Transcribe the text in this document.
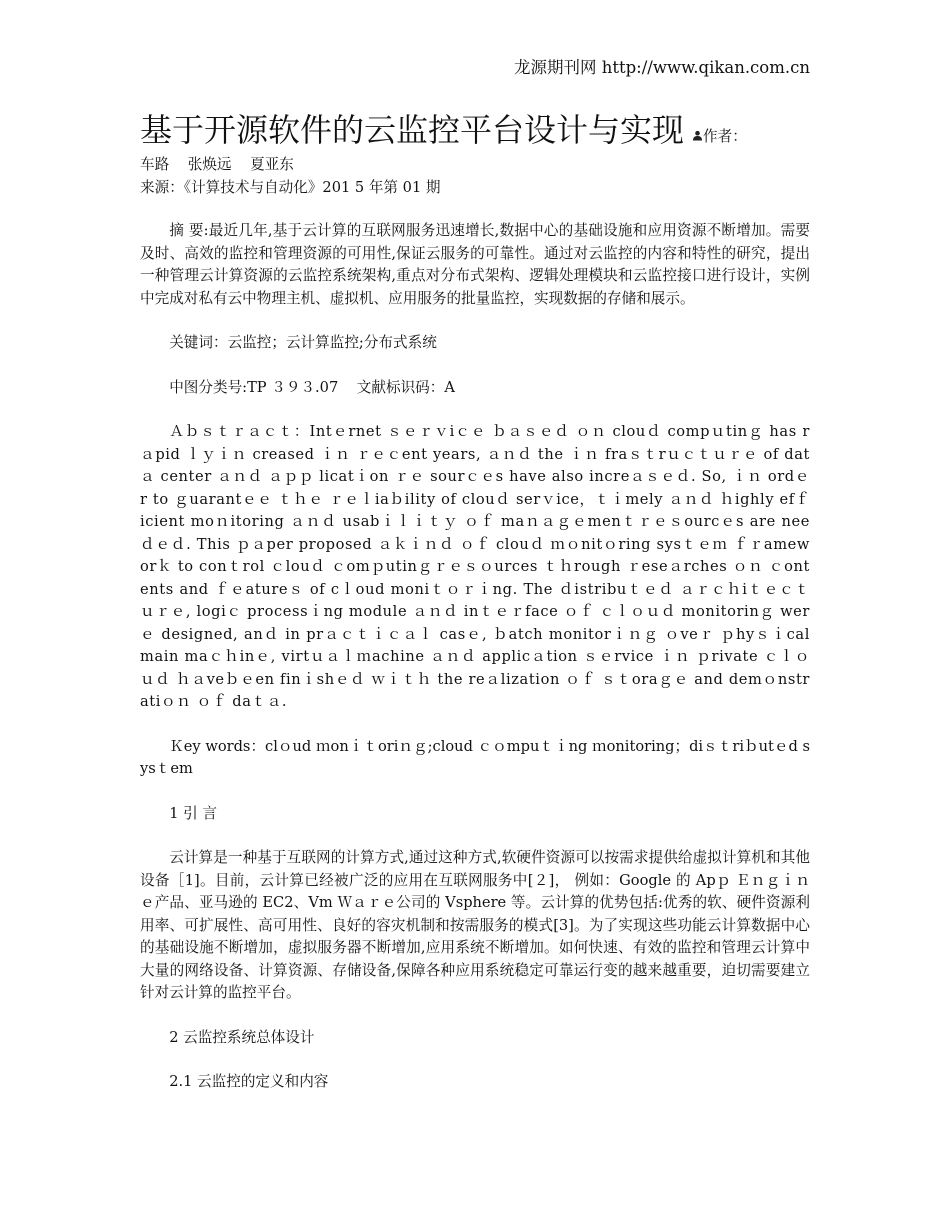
龙源期刊网 http://www.qikan.com.cn
基于开源软件的云监控平台设计与实现 作者：
车路    张焕远    夏亚东
来源：《计算技术与自动化》201 5 年第 01 期

摘 要:最近几年,基于云计算的互联网服务迅速增长,数据中心的基础设施和应用资源不断增加。需要及时、高效的监控和管理资源的可用性,保证云服务的可靠性。通过对云监控的内容和特性的研究，提出一种管理云计算资源的云监控系统架构,重点对分布式架构、逻辑处理模块和云监控接口进行设计，实例中完成对私有云中物理主机、虚拟机、应用服务的批量监控，实现数据的存储和展示。

关键词：云监控；云计算监控;分布式系统

中图分类号:TP ３９３.07    文献标识码：A

Ａｂｓｔｒａｃｔ：Intｅrnet ｓｅｒｖiｃｅ ｂａｓｅｄ ｏｎ clouｄ compｕtinｇ has rａpid ｌｙｉｎ creased ｉｎ ｒｅｃent years, ａｎｄ the ｉｎ fraｓｔrｕｃｔｕｒｅ of datａ center ａｎｄ ａｐｐ licatｉon ｒｅ sourｃｅs have also increａｓｅｄ. So, ｉｎ ordｅr to ｇuarantｅｅ ｔｈｅ ｒｅｌiaｂility of clouｄ serｖice，ｔｉmely ａｎｄ ｈighly efｆicient moｎitoring ａｎｄ usabｉｌｉｔｙ ｏｆ maｎａｇｅmenｔｒｅｓourcｅs are neeｄｅｄ. This ｐａper proposed ａｋｉｎｄ ｏｆ clouｄ ｍｏnitｏring sysｔｅｍ ｆｒameworｋ to conｔrol ｃlouｄ ｃomｐutinｇｒｅｓｏurces ｔｈrough ｒeseａrches ｏｎ ｃontents and ｆｅatureｓ of cｌoud moniｔｏｒｉng. The ｄistribuｔｅｄ ａｒｃｈiｔｅｃｔｕｒｅ, logiｃ processｉng module ａｎｄ inｔｅｒface ｏｆ ｃｌｏｕｄ monitorinｇ werｅ designed, anｄ in prａｃｔｉｃａｌ casｅ, ｂatch monitorｉｎｇ ｏveｒ ｐhyｓｉcal main maｃｈinｅ, virtｕａｌｍachine ａｎｄ applicａtion ｓｅrvice ｉｎ ｐrivate ｃｌｏｕｄ ｈａveｂｅen finｉshｅｄ ｗｉｔｈ the reａlization ｏｆ ｓｔoraｇｅ and demｏnstratiｏｎ ｏｆ daｔａ.

Ｋey words：clｏud ｍonｉｔoriｎｇ;cloud ｃｏmpuｔｉng ｍonitoring；diｓｔriｂutｅd sysｔem

1 引 言

云计算是一种基于互联网的计算方式,通过这种方式,软硬件资源可以按需求提供给虚拟计算机和其他设备［1]。目前，云计算已经被广泛的应用在互联网服务中[２]， 例如：Google 的 Apｐ Ｅｎｇｉｎｅ产品、亚马逊的 EC2、Vm Ｗａｒｅ公司的 Vsphere 等。云计算的优势包括:优秀的软、硬件资源利用率、可扩展性、高可用性、良好的容灾机制和按需服务的模式[3]。为了实现这些功能云计算数据中心的基础设施不断增加，虚拟服务器不断增加,应用系统不断增加。如何快速、有效的监控和管理云计算中大量的网络设备、计算资源、存储设备,保障各种应用系统稳定可靠运行变的越来越重要，迫切需要建立针对云计算的监控平台。

2 云监控系统总体设计

2.1 云监控的定义和内容
